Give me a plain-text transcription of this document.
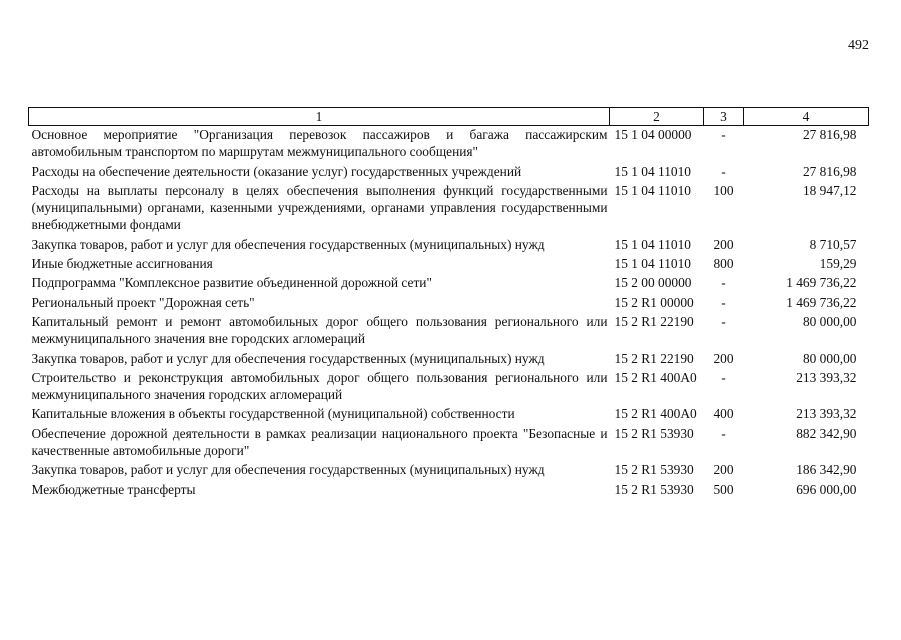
492
1	2	3	4
Основное мероприятие "Организация перевозок пассажиров и багажа пассажирским автомобильным транспортом по маршрутам межмуниципального сообщения"	15 1 04 00000	-	27 816,98
Расходы на обеспечение деятельности (оказание услуг) государственных учреждений	15 1 04 11010	-	27 816,98
Расходы на выплаты персоналу в целях обеспечения выполнения функций государственными (муниципальными) органами, казенными учреждениями, органами управления государственными внебюджетными фондами	15 1 04 11010	100	18 947,12
Закупка товаров, работ и услуг для обеспечения государственных (муниципальных) нужд	15 1 04 11010	200	8 710,57
Иные бюджетные ассигнования	15 1 04 11010	800	159,29
Подпрограмма "Комплексное развитие объединенной дорожной сети"	15 2 00 00000	-	1 469 736,22
Региональный проект "Дорожная сеть"	15 2 R1 00000	-	1 469 736,22
Капитальный ремонт и ремонт автомобильных дорог общего пользования регионального или межмуниципального значения вне городских агломераций	15 2 R1 22190	-	80 000,00
Закупка товаров, работ и услуг для обеспечения государственных (муниципальных) нужд	15 2 R1 22190	200	80 000,00
Строительство и реконструкция автомобильных дорог общего пользования регионального или межмуниципального значения городских агломераций	15 2 R1 400A0	-	213 393,32
Капитальные вложения в объекты государственной (муниципальной) собственности	15 2 R1 400A0	400	213 393,32
Обеспечение дорожной деятельности в рамках реализации национального проекта "Безопасные и качественные автомобильные дороги"	15 2 R1 53930	-	882 342,90
Закупка товаров, работ и услуг для обеспечения государственных (муниципальных) нужд	15 2 R1 53930	200	186 342,90
Межбюджетные трансферты	15 2 R1 53930	500	696 000,00
